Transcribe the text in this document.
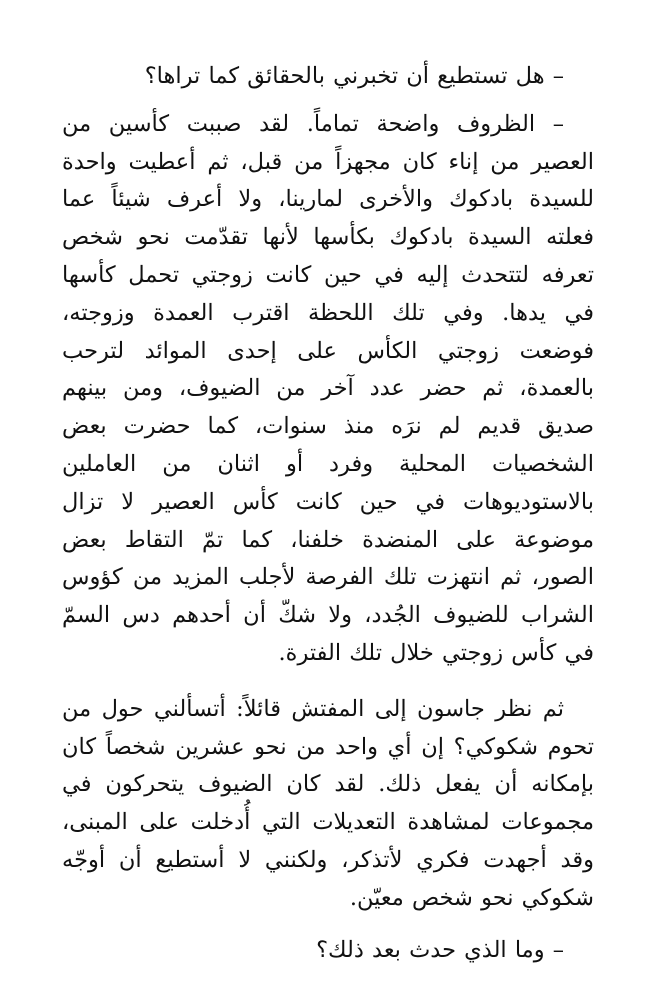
– هل تستطيع أن تخبرني بالحقائق كما تراها؟

– الظروف واضحة تماماً. لقد صببت كأسين من العصير من إناء كان مجهزاً من قبل، ثم أعطيت واحدة للسيدة بادكوك والأخرى لمارينا، ولا أعرف شيئاً عما فعلته السيدة بادكوك بكأسها لأنها تقدّمت نحو شخص تعرفه لتتحدث إليه في حين كانت زوجتي تحمل كأسها في يدها. وفي تلك اللحظة اقترب العمدة وزوجته، فوضعت زوجتي الكأس على إحدى الموائد لترحب بالعمدة، ثم حضر عدد آخر من الضيوف، ومن بينهم صديق قديم لم نرَه منذ سنوات، كما حضرت بعض الشخصيات المحلية وفرد أو اثنان من العاملين بالاستوديوهات في حين كانت كأس العصير لا تزال موضوعة على المنضدة خلفنا، كما تمّ التقاط بعض الصور، ثم انتهزت تلك الفرصة لأجلب المزيد من كؤوس الشراب للضيوف الجُدد، ولا شكّ أن أحدهم دس السمّ في كأس زوجتي خلال تلك الفترة.

ثم نظر جاسون إلى المفتش قائلاً: أتسألني حول من تحوم شكوكي؟ إن أي واحد من نحو عشرين شخصاً كان بإمكانه أن يفعل ذلك. لقد كان الضيوف يتحركون في مجموعات لمشاهدة التعديلات التي أُدخلت على المبنى، وقد أجهدت فكري لأتذكر، ولكنني لا أستطيع أن أوجّه شكوكي نحو شخص معيّن.

– وما الذي حدث بعد ذلك؟
